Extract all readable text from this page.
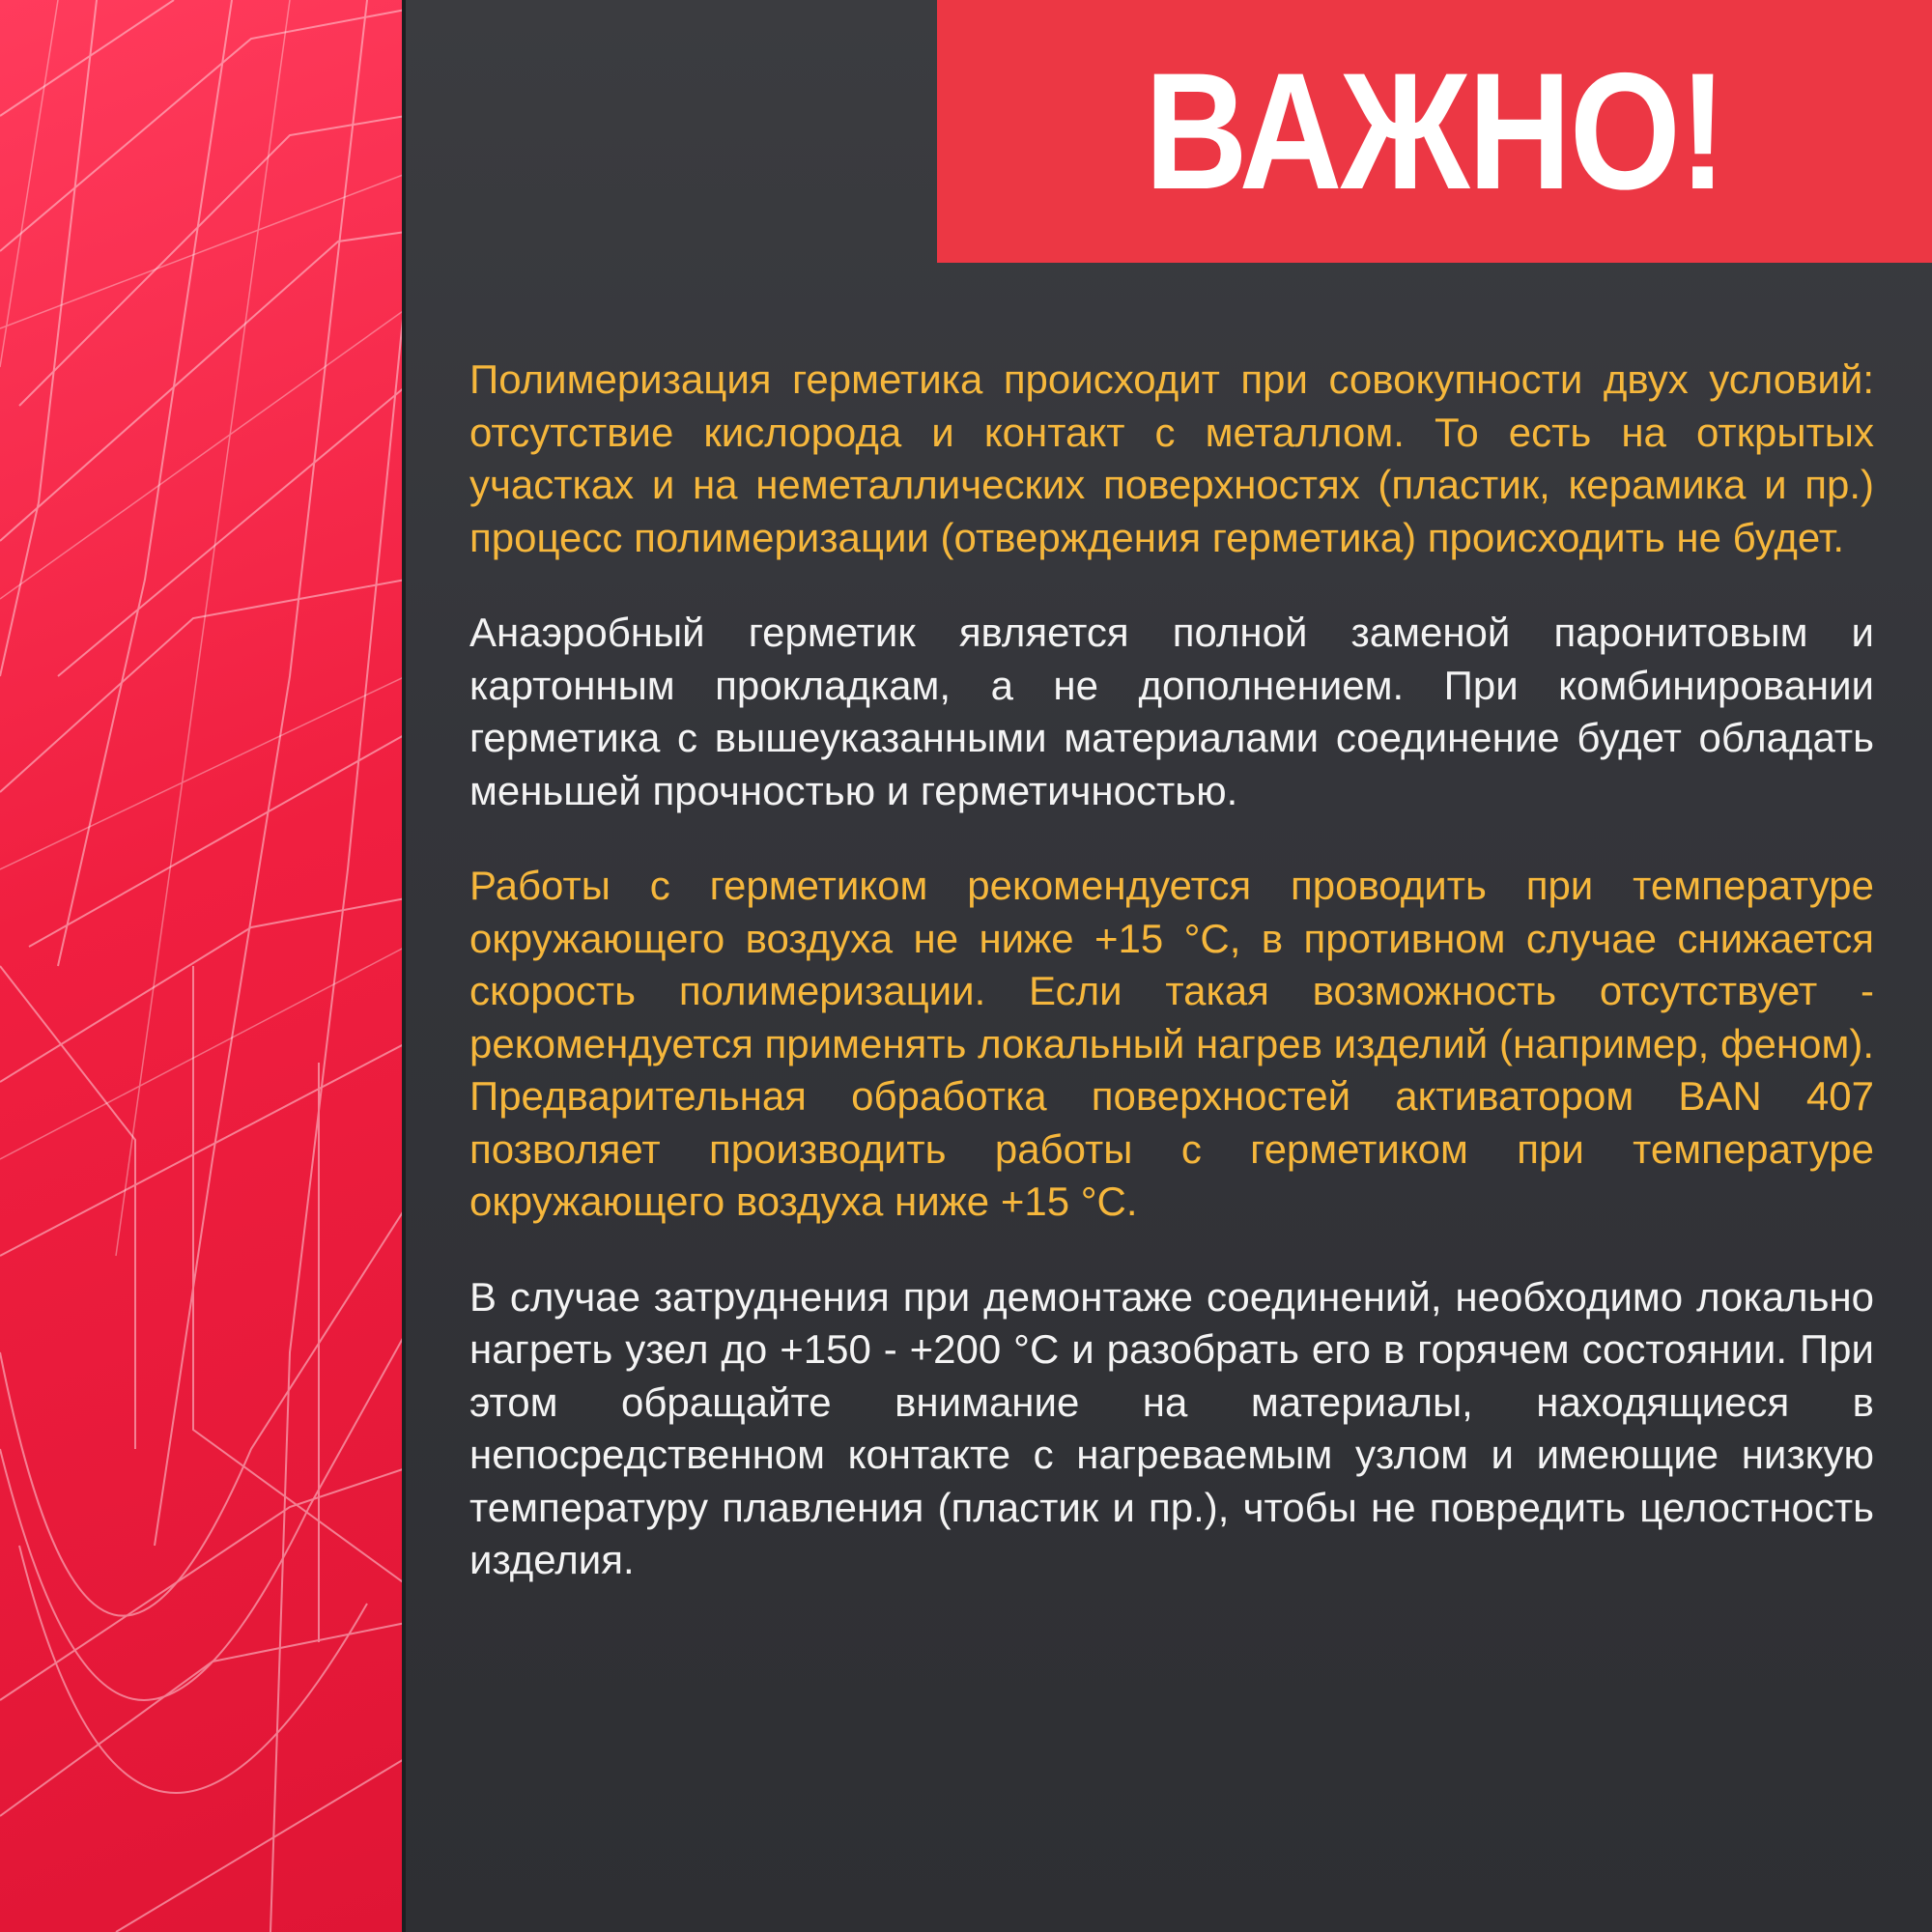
ВАЖНО!

Полимеризация герметика происходит при совокупности двух условий: отсутствие кислорода и контакт с металлом. То есть на открытых участках и на неметаллических поверхностях (пластик, керамика и пр.) процесс полимеризации (отверждения герметика) происходить не будет.

Анаэробный герметик является полной заменой паронитовым и картонным прокладкам, а не дополнением. При комбинировании герметика с вышеуказанными материалами соединение будет обладать меньшей прочностью и герметичностью.

Работы с герметиком рекомендуется проводить при температуре окружающего воздуха не ниже +15 °C, в противном случае снижается скорость полимеризации. Если такая возможность отсутствует - рекомендуется применять локальный нагрев изделий (например, феном). Предварительная обработка поверхностей активатором BAN 407 позволяет производить работы с герметиком при температуре окружающего воздуха ниже +15 °C.

В случае затруднения при демонтаже соединений, необходимо локально нагреть узел до +150 - +200 °С и разобрать его в горячем состоянии. При этом обращайте внимание на материалы, находящиеся в непосредственном контакте с нагреваемым узлом и имеющие низкую температуру плавления (пластик и пр.), чтобы не повредить целостность изделия.
